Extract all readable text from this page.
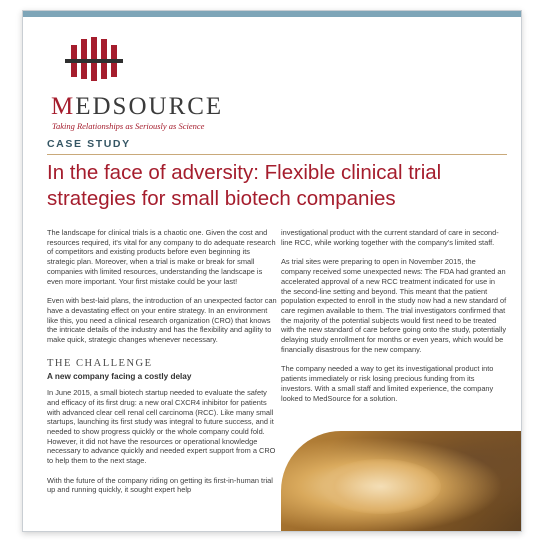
MEDSOURCE
Taking Relationships as Seriously as Science
CASE STUDY
In the face of adversity: Flexible clinical trial strategies for small biotech companies

The landscape for clinical trials is a chaotic one. Given the cost and resources required, it's vital for any company to do adequate research of competitors and existing products before even beginning its strategic plan. Moreover, when a trial is make or break for small companies with limited resources, understanding the landscape is even more important. Your first mistake could be your last!

Even with best-laid plans, the introduction of an unexpected factor can have a devastating effect on your entire strategy. In an environment like this, you need a clinical research organization (CRO) that knows the intricate details of the industry and has the flexibility and agility to make quick, strategic changes whenever necessary.

THE CHALLENGE
A new company facing a costly delay

In June 2015, a small biotech startup needed to evaluate the safety and efficacy of its first drug: a new oral CXCR4 inhibitor for patients with advanced clear cell renal cell carcinoma (RCC). Like many small startups, launching its first study was integral to future success, and it needed to show progress quickly or the whole company could fold. However, it did not have the resources or operational knowledge necessary to advance quickly and needed expert support from a CRO to help them to the next stage.

With the future of the company riding on getting its first-in-human trial up and running quickly, it sought expert help

investigational product with the current standard of care in second-line RCC, while working together with the company's limited staff.

As trial sites were preparing to open in November 2015, the company received some unexpected news: The FDA had granted an accelerated approval of a new RCC treatment indicated for use in the second-line setting and beyond. This meant that the patient population expected to enroll in the study now had a new standard of care regimen available to them. The trial investigators confirmed that the majority of the potential subjects would first need to be treated with the new standard of care before going onto the study, potentially delaying study enrollment for months or even years, which would be financially disastrous for the new company.

The company needed a way to get its investigational product into patients immediately or risk losing precious funding from its investors. With a small staff and limited experience, the company looked to MedSource for a solution.
